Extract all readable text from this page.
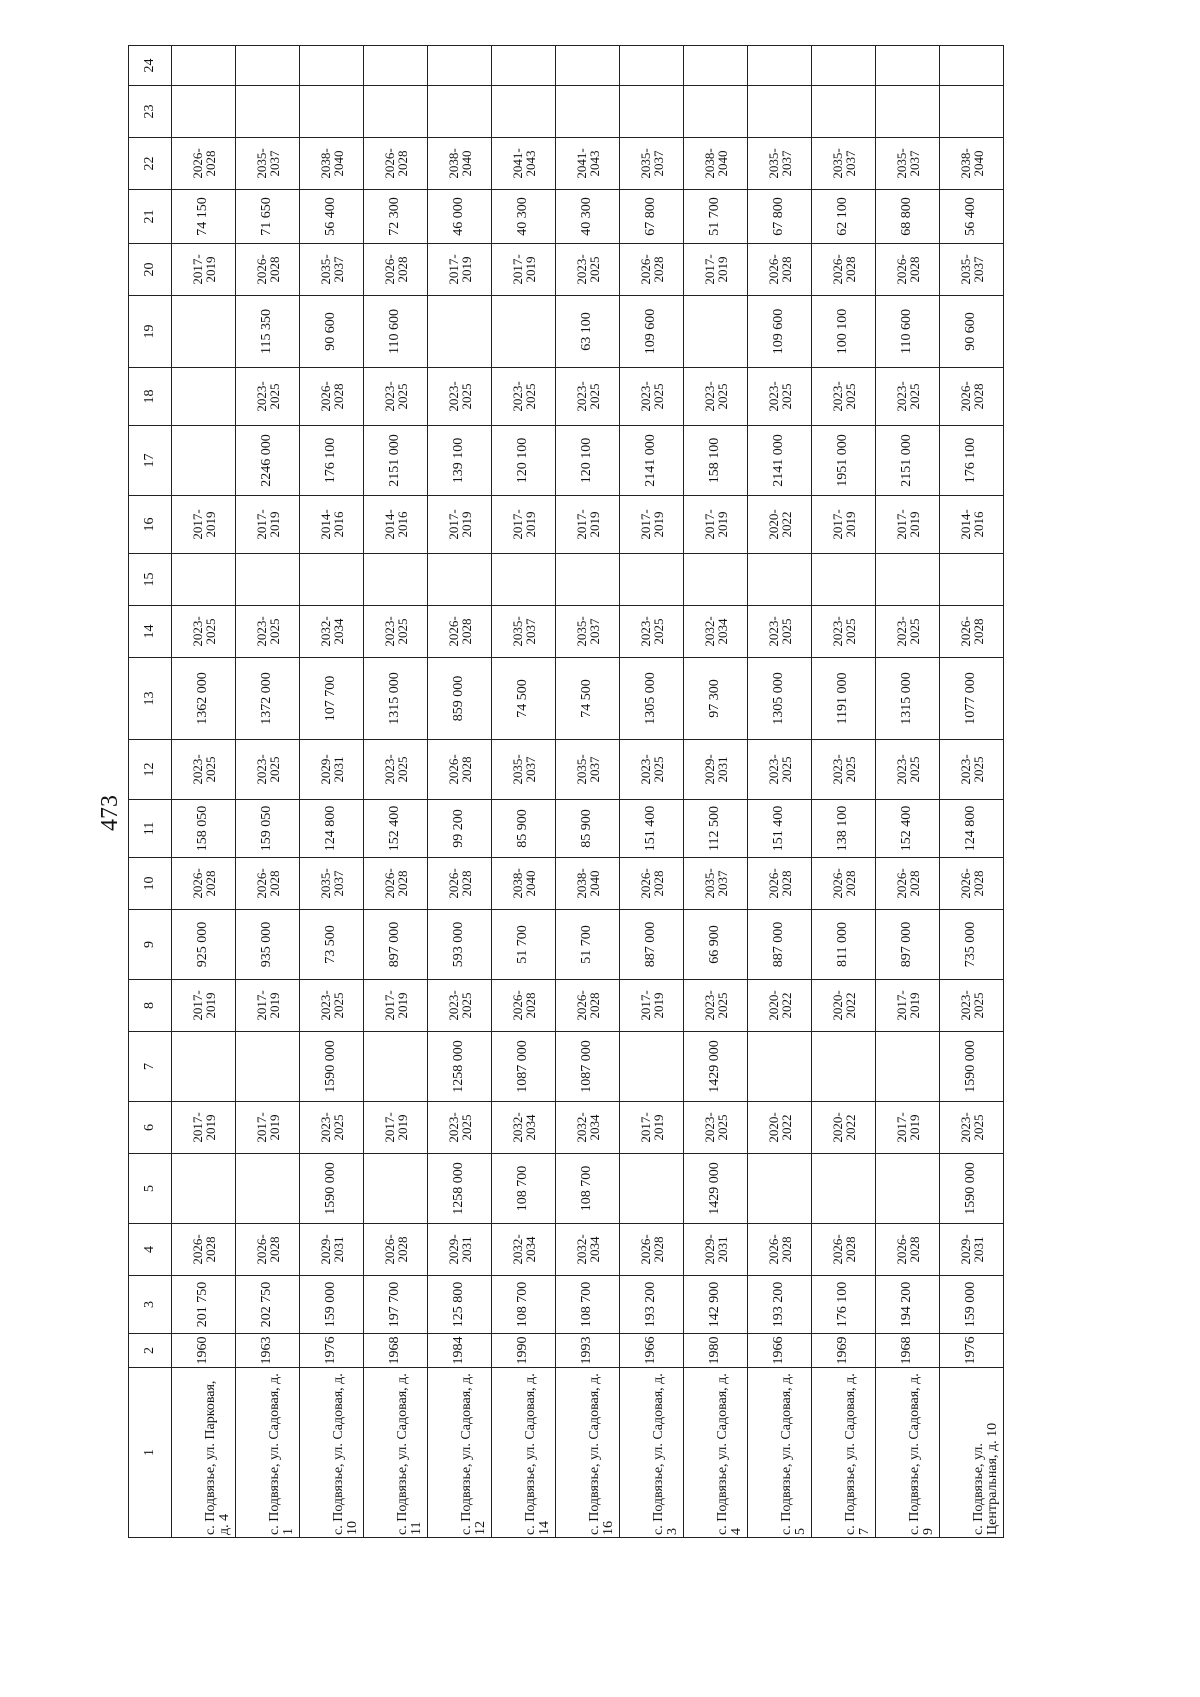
473
1	2	3	4	5	6	7	8	9	10	11	12	13	14	15	16	17	18	19	20	21	22	23	24
с. Подвязье, ул. Парковая, д. 4	1960	201 750	2026-2028		2017-2019		2017-2019	925 000	2026-2028	158 050	2023-2025	1362 000	2023-2025		2017-2019				2017-2019	74 150	2026-2028		
с. Подвязье, ул. Садовая, д. 1	1963	202 750	2026-2028		2017-2019		2017-2019	935 000	2026-2028	159 050	2023-2025	1372 000	2023-2025		2017-2019	2246 000	2023-2025	115 350	2026-2028	71 650	2035-2037		
с. Подвязье, ул. Садовая, д. 10	1976	159 000	2029-2031	1590 000	2023-2025	1590 000	2023-2025	73 500	2035-2037	124 800	2029-2031	107 700	2032-2034		2014-2016	176 100	2026-2028	90 600	2035-2037	56 400	2038-2040		
с. Подвязье, ул. Садовая, д. 11	1968	197 700	2026-2028		2017-2019		2017-2019	897 000	2026-2028	152 400	2023-2025	1315 000	2023-2025		2014-2016	2151 000	2023-2025	110 600	2026-2028	72 300	2026-2028		
с. Подвязье, ул. Садовая, д. 12	1984	125 800	2029-2031	1258 000	2023-2025	1258 000	2023-2025	593 000	2026-2028	99 200	2026-2028	859 000	2026-2028		2017-2019	139 100	2023-2025		2017-2019	46 000	2038-2040		
с. Подвязье, ул. Садовая, д. 14	1990	108 700	2032-2034	108 700	2032-2034	1087 000	2026-2028	51 700	2038-2040	85 900	2035-2037	74 500	2035-2037		2017-2019	120 100	2023-2025		2017-2019	40 300	2041-2043		
с. Подвязье, ул. Садовая, д. 16	1993	108 700	2032-2034	108 700	2032-2034	1087 000	2026-2028	51 700	2038-2040	85 900	2035-2037	74 500	2035-2037		2017-2019	120 100	2023-2025	63 100	2023-2025	40 300	2041-2043		
с. Подвязье, ул. Садовая, д. 3	1966	193 200	2026-2028		2017-2019		2017-2019	887 000	2026-2028	151 400	2023-2025	1305 000	2023-2025		2017-2019	2141 000	2023-2025	109 600	2026-2028	67 800	2035-2037		
с. Подвязье, ул. Садовая, д. 4	1980	142 900	2029-2031	1429 000	2023-2025	1429 000	2023-2025	66 900	2035-2037	112 500	2029-2031	97 300	2032-2034		2017-2019	158 100	2023-2025		2017-2019	51 700	2038-2040		
с. Подвязье, ул. Садовая, д. 5	1966	193 200	2026-2028		2020-2022		2020-2022	887 000	2026-2028	151 400	2023-2025	1305 000	2023-2025		2020-2022	2141 000	2023-2025	109 600	2026-2028	67 800	2035-2037		
с. Подвязье, ул. Садовая, д. 7	1969	176 100	2026-2028		2020-2022		2020-2022	811 000	2026-2028	138 100	2023-2025	1191 000	2023-2025		2017-2019	1951 000	2023-2025	100 100	2026-2028	62 100	2035-2037		
с. Подвязье, ул. Садовая, д. 9	1968	194 200	2026-2028		2017-2019		2017-2019	897 000	2026-2028	152 400	2023-2025	1315 000	2023-2025		2017-2019	2151 000	2023-2025	110 600	2026-2028	68 800	2035-2037		
с. Подвязье, ул. Центральная, д. 10	1976	159 000	2029-2031	1590 000	2023-2025	1590 000	2023-2025	735 000	2026-2028	124 800	2023-2025	1077 000	2026-2028		2014-2016	176 100	2026-2028	90 600	2035-2037	56 400	2038-2040		
